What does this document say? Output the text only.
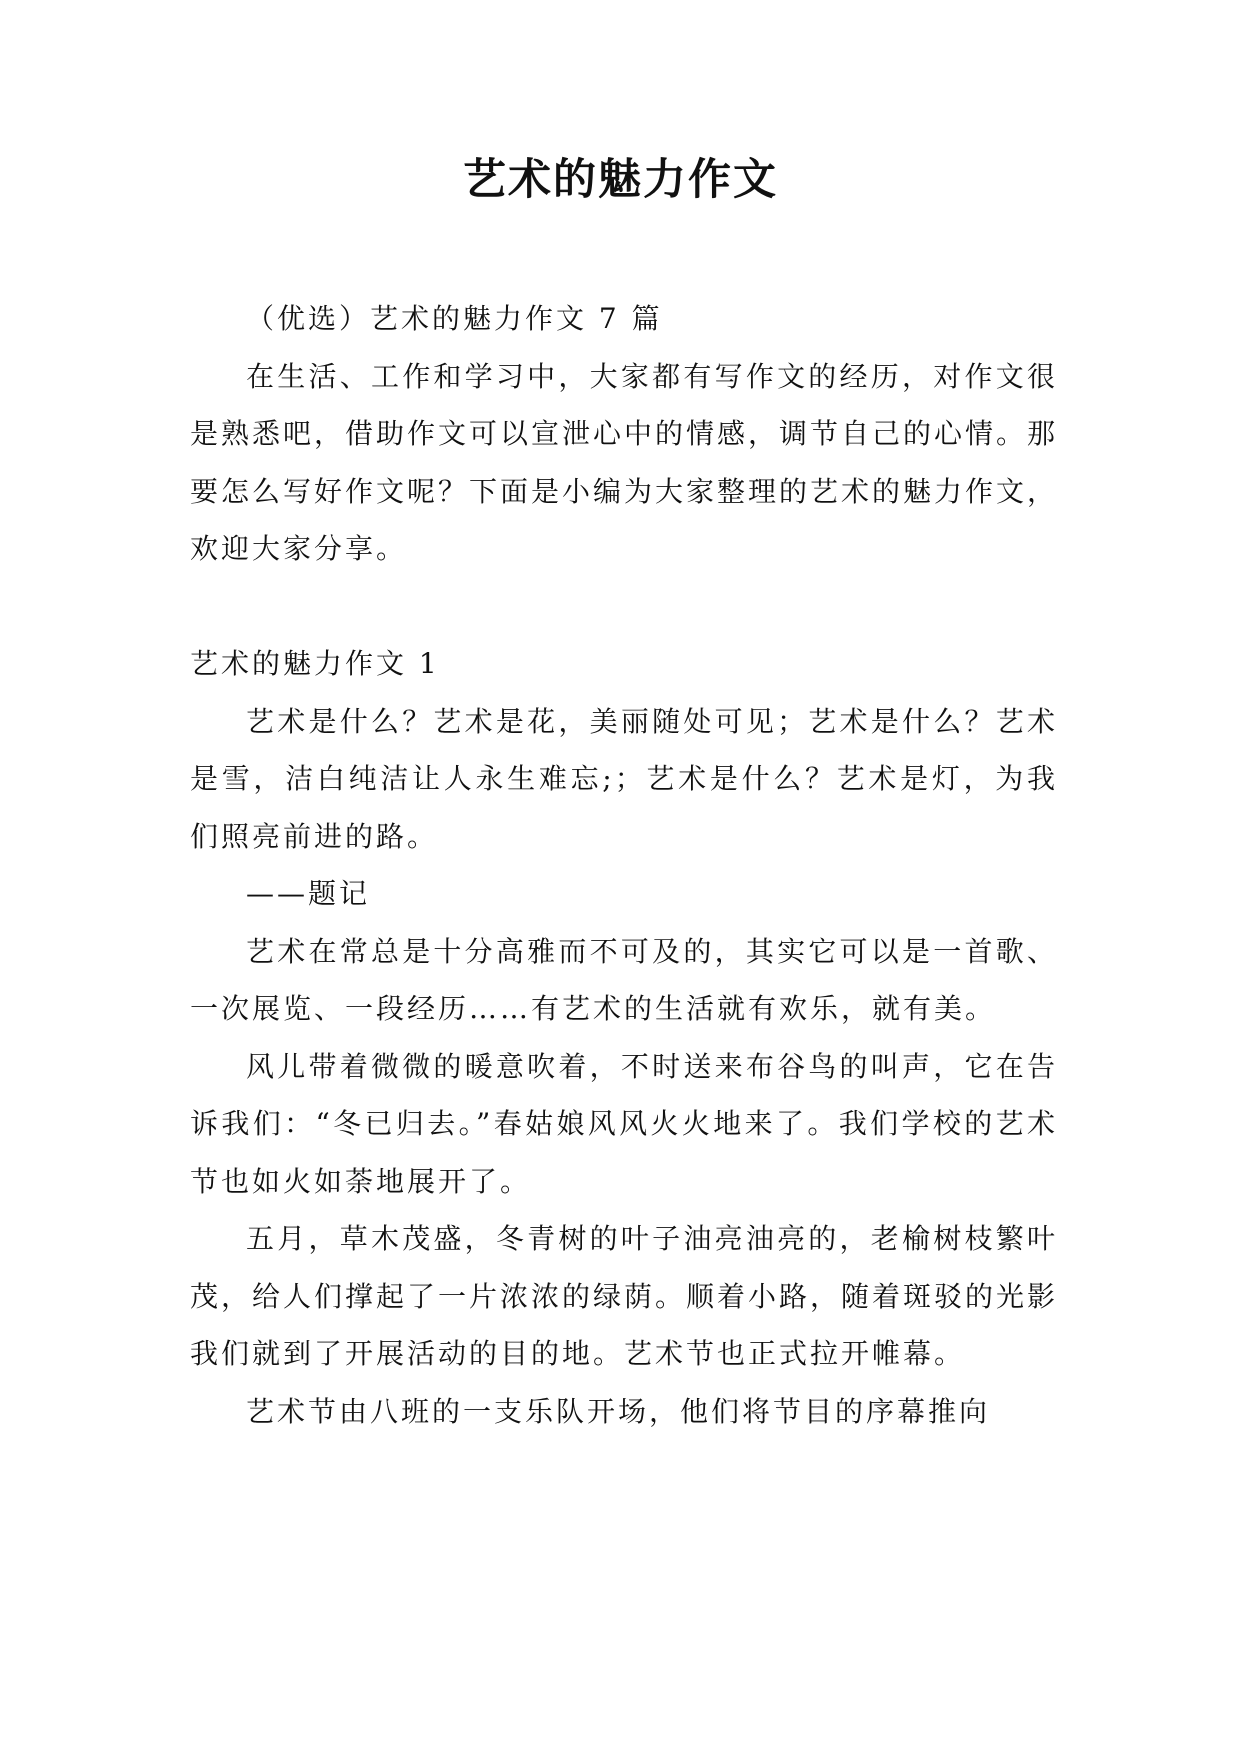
艺术的魅力作文

（优选）艺术的魅力作文 7 篇

在生活、工作和学习中，大家都有写作文的经历，对作文很是熟悉吧，借助作文可以宣泄心中的情感，调节自己的心情。那要怎么写好作文呢？下面是小编为大家整理的艺术的魅力作文，欢迎大家分享。

艺术的魅力作文 1

艺术是什么？艺术是花，美丽随处可见；艺术是什么？艺术是雪，洁白纯洁让人永生难忘;；艺术是什么？艺术是灯，为我们照亮前进的路。

——题记

艺术在常总是十分高雅而不可及的，其实它可以是一首歌、一次展览、一段经历……有艺术的生活就有欢乐，就有美。

风儿带着微微的暖意吹着，不时送来布谷鸟的叫声，它在告诉我们：“冬已归去。”春姑娘风风火火地来了。我们学校的艺术节也如火如荼地展开了。

五月，草木茂盛，冬青树的叶子油亮油亮的，老榆树枝繁叶茂，给人们撑起了一片浓浓的绿荫。顺着小路，随着斑驳的光影我们就到了开展活动的目的地。艺术节也正式拉开帷幕。

艺术节由八班的一支乐队开场，他们将节目的序幕推向
